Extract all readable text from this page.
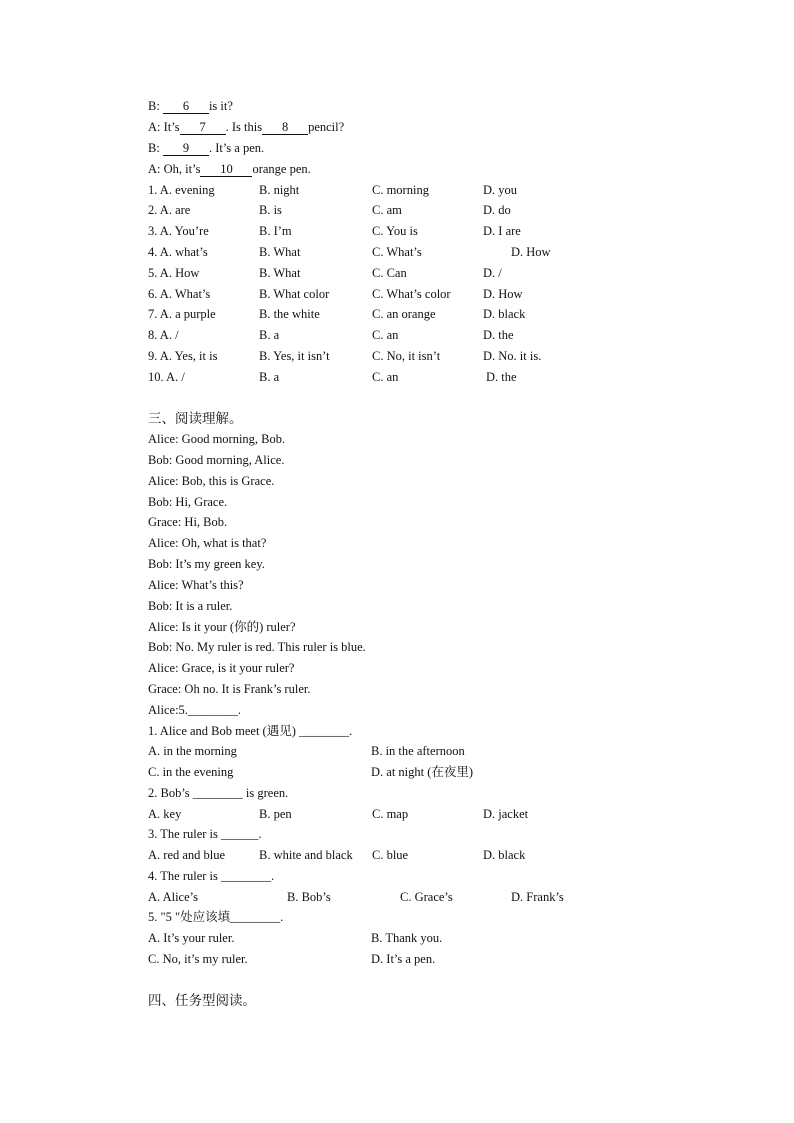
B: 6 is it?
A: It’s 7 . Is this 8 pencil?
B: 9 . It’s a pen.
A: Oh, it’s 10 orange pen.
1. A. evening	B. night	C. morning	D. you
2. A. are	B. is	C. am	D. do
3. A. You’re	B. I’m	C. You is	D. I are
4. A. what’s	B. What	C. What’s	D. How
5. A. How	B. What	C. Can	D. /
6. A. What’s	B. What color	C. What’s color	D. How
7. A. a purple	B. the white	C. an orange	D. black
8. A. /	B. a	C. an	D. the
9. A. Yes, it is	B. Yes, it isn’t	C. No, it isn’t	D. No. it is.
10. A. /	B. a	C. an	D. the
三、阅读理解。
Alice: Good morning, Bob.
Bob: Good morning, Alice.
Alice: Bob, this is Grace.
Bob: Hi, Grace.
Grace: Hi, Bob.
Alice: Oh, what is that?
Bob: It’s my green key.
Alice: What’s this?
Bob: It is a ruler.
Alice: Is it your (你的) ruler?
Bob: No. My ruler is red. This ruler is blue.
Alice: Grace, is it your ruler?
Grace: Oh no. It is Frank’s ruler.
Alice:5.________.
1. Alice and Bob meet (遇见) ________.
A. in the morning	B. in the afternoon
C. in the evening	D. at night (在夜里)
2. Bob’s ________ is green.
A. key	B. pen	C. map	D. jacket
3. The ruler is ______.
A. red and blue	B. white and black C. blue	D. black
4. The ruler is ________.
A. Alice’s	B. Bob’s	C. Grace’s	D. Frank’s
5. "5 "处应该填________.
A. It’s your ruler.	B. Thank you.
C. No, it’s my ruler.	D. It’s a pen.
四、任务型阅读。
